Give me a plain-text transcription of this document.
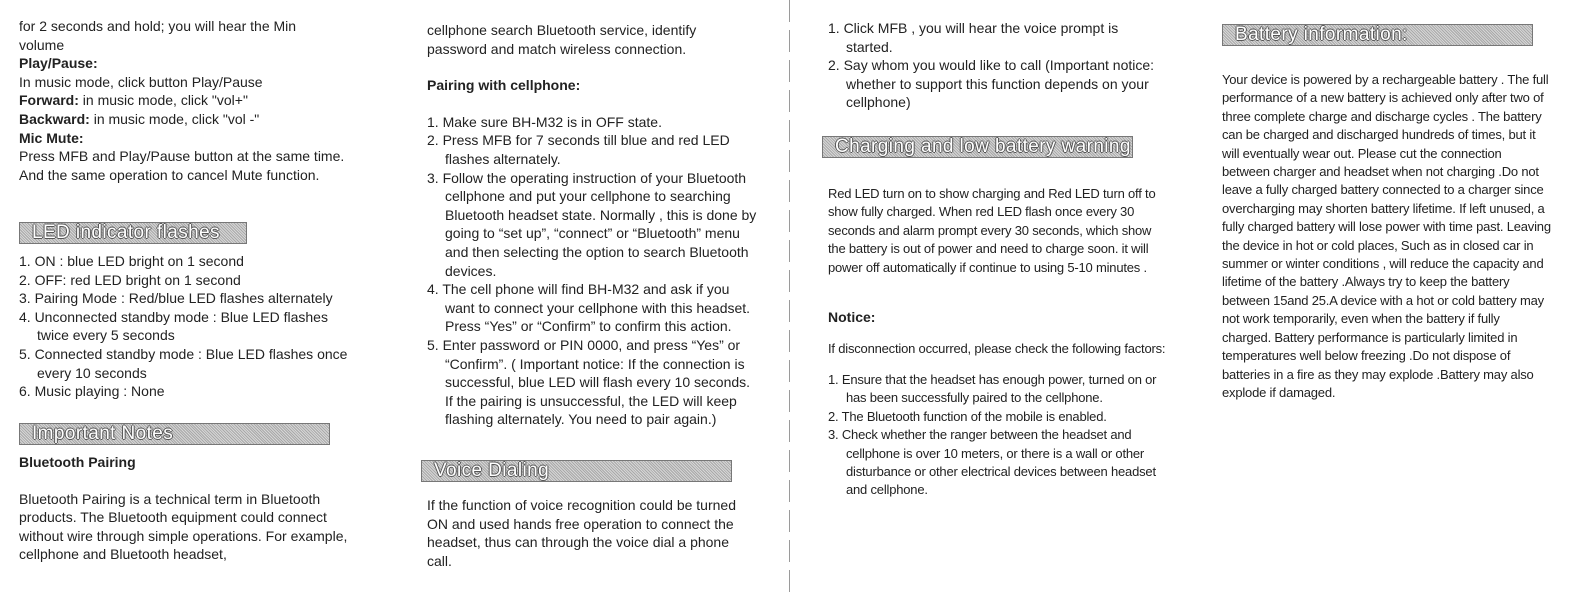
for 2 seconds and hold; you will hear the Min

volume

Play/Pause:

In music mode, click button Play/Pause

Forward: in music mode, click "vol+"

Backward: in music mode, click "vol -"

Mic Mute:

Press MFB and Play/Pause button at the same time. And the same operation to cancel Mute function.

LED indicator flashes
1. ON : blue LED bright on 1 second
2. OFF: red LED bright on 1 second
3. Pairing Mode : Red/blue LED flashes alternately
4. Unconnected standby mode : Blue LED flashes twice every 5 seconds
5. Connected standby mode : Blue LED flashes once every 10 seconds
6. Music playing : None
Important Notes

Bluetooth Pairing

Bluetooth Pairing is a technical term in Bluetooth products. The Bluetooth equipment could connect without wire through simple operations. For example, cellphone and Bluetooth headset,

cellphone search Bluetooth service, identify password and match wireless connection.

Pairing with cellphone:

1. Make sure BH-M32 is in OFF state.
2. Press MFB for 7 seconds till blue and red LED flashes alternately.
3. Follow the operating instruction of your Bluetooth cellphone and put your cellphone to searching Bluetooth headset state. Normally , this is done by going to “set up”, “connect” or “Bluetooth” menu and then selecting the option to search Bluetooth devices.
4. The cell phone will find BH-M32 and ask if you want to connect your cellphone with this headset. Press “Yes” or “Confirm” to confirm this action.
5. Enter password or PIN 0000, and press “Yes” or “Confirm”. ( Important notice: If the connection is successful, blue LED will flash every 10 seconds. If the pairing is unsuccessful, the LED will keep flashing alternately. You need to pair again.)
Voice Dialing

If the function of voice recognition could be turned ON and used hands free operation to connect the headset, thus can through the voice dial a phone call.

1. Click MFB , you will hear the voice prompt is started.
2. Say whom you would like to call (Important notice: whether to support this function depends on your cellphone)
Charging and low battery warning

Red LED turn on to show charging and Red LED turn off to show fully charged. When red LED flash once every 30 seconds and alarm prompt every 30 seconds, which show the battery is out of power and need to charge soon. it will power off automatically if continue to using 5-10 minutes .

Notice:

If disconnection occurred, please check the following factors:

1. Ensure that the headset has enough power, turned on or has been successfully paired to the cellphone.
2. The Bluetooth function of the mobile is enabled.
3. Check whether the ranger between the headset and cellphone is over 10 meters, or there is a wall or other disturbance or other electrical devices between headset and cellphone.
Battery information:

Your device is powered by a rechargeable battery . The full performance of a new battery is achieved only after two of three complete charge and discharge cycles . The battery can be charged and discharged hundreds of times, but it will eventually wear out. Please cut the connection between charger and headset when not charging .Do not leave a fully charged battery connected to a charger since overcharging may shorten battery lifetime. If left unused, a fully charged battery will lose power with time past. Leaving the device in hot or cold places, Such as in closed car in summer or winter conditions , will reduce the capacity and lifetime of the battery .Always try to keep the battery between 15and 25.A device with a hot or cold battery may not work temporarily, even when the battery if fully charged. Battery performance is particularly limited in temperatures well below freezing .Do not dispose of batteries in a fire as they may explode .Battery may also explode if damaged.
